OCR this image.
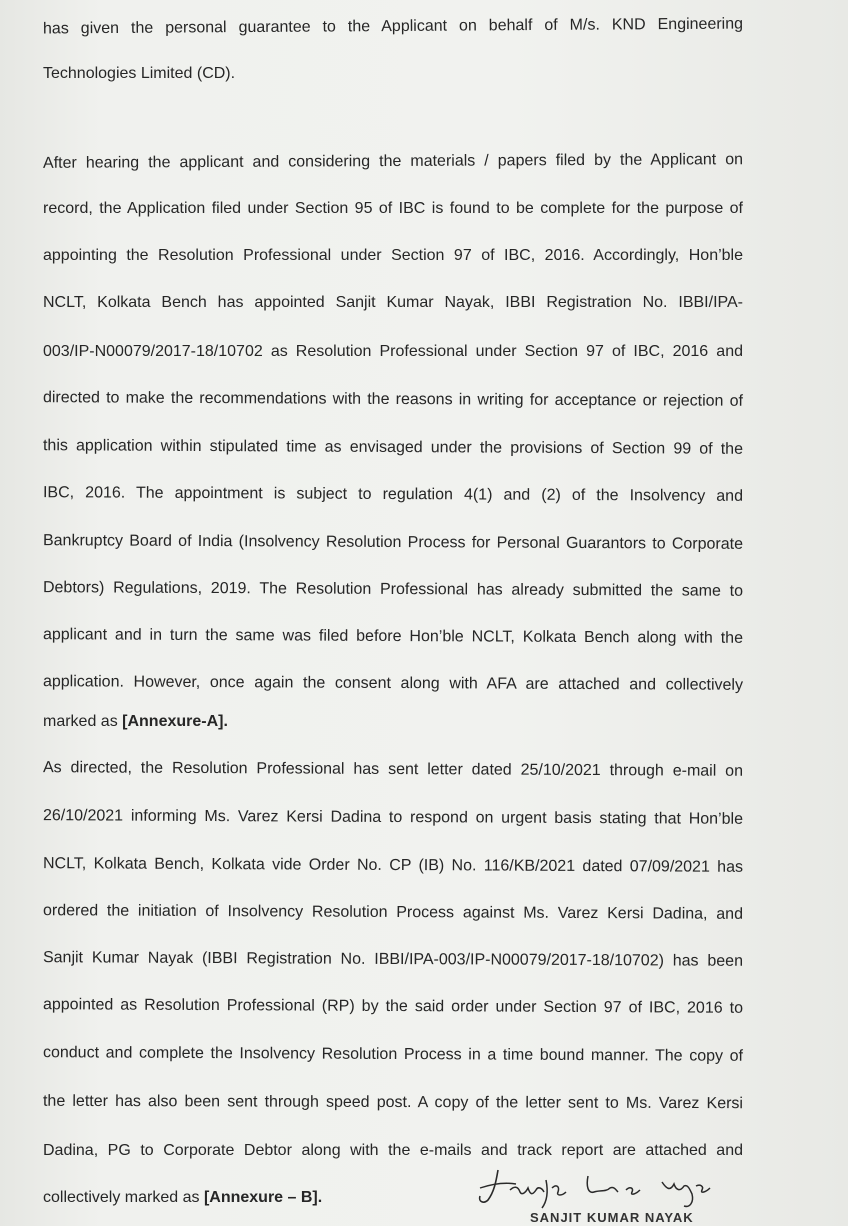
has given the personal guarantee to the Applicant on behalf of M/s. KND Engineering
Technologies Limited (CD).
After hearing the applicant and considering the materials / papers filed by the Applicant on
record, the Application filed under Section 95 of IBC is found to be complete for the purpose of
appointing the Resolution Professional under Section 97 of IBC, 2016. Accordingly, Hon’ble
NCLT, Kolkata Bench has appointed Sanjit Kumar Nayak, IBBI Registration No. IBBI/IPA-
003/IP-N00079/2017-18/10702 as Resolution Professional under Section 97 of IBC, 2016 and
directed to make the recommendations with the reasons in writing for acceptance or rejection of
this application within stipulated time as envisaged under the provisions of Section 99 of the
IBC, 2016. The appointment is subject to regulation 4(1) and (2) of the Insolvency and
Bankruptcy Board of India (Insolvency Resolution Process for Personal Guarantors to Corporate
Debtors) Regulations, 2019. The Resolution Professional has already submitted the same to
applicant and in turn the same was filed before Hon’ble NCLT, Kolkata Bench along with the
application. However, once again the consent along with AFA are attached and collectively
marked as [Annexure-A].
As directed, the Resolution Professional has sent letter dated 25/10/2021 through e-mail on
26/10/2021 informing Ms. Varez Kersi Dadina to respond on urgent basis stating that Hon’ble
NCLT, Kolkata Bench, Kolkata vide Order No. CP (IB) No. 116/KB/2021 dated 07/09/2021 has
ordered the initiation of Insolvency Resolution Process against Ms. Varez Kersi Dadina, and
Sanjit Kumar Nayak (IBBI Registration No. IBBI/IPA-003/IP-N00079/2017-18/10702) has been
appointed as Resolution Professional (RP) by the said order under Section 97 of IBC, 2016 to
conduct and complete the Insolvency Resolution Process in a time bound manner. The copy of
the letter has also been sent through speed post. A copy of the letter sent to Ms. Varez Kersi
Dadina, PG to Corporate Debtor along with the e-mails and track report are attached and
collectively marked as [Annexure – B].
SANJIT KUMAR NAYAK
